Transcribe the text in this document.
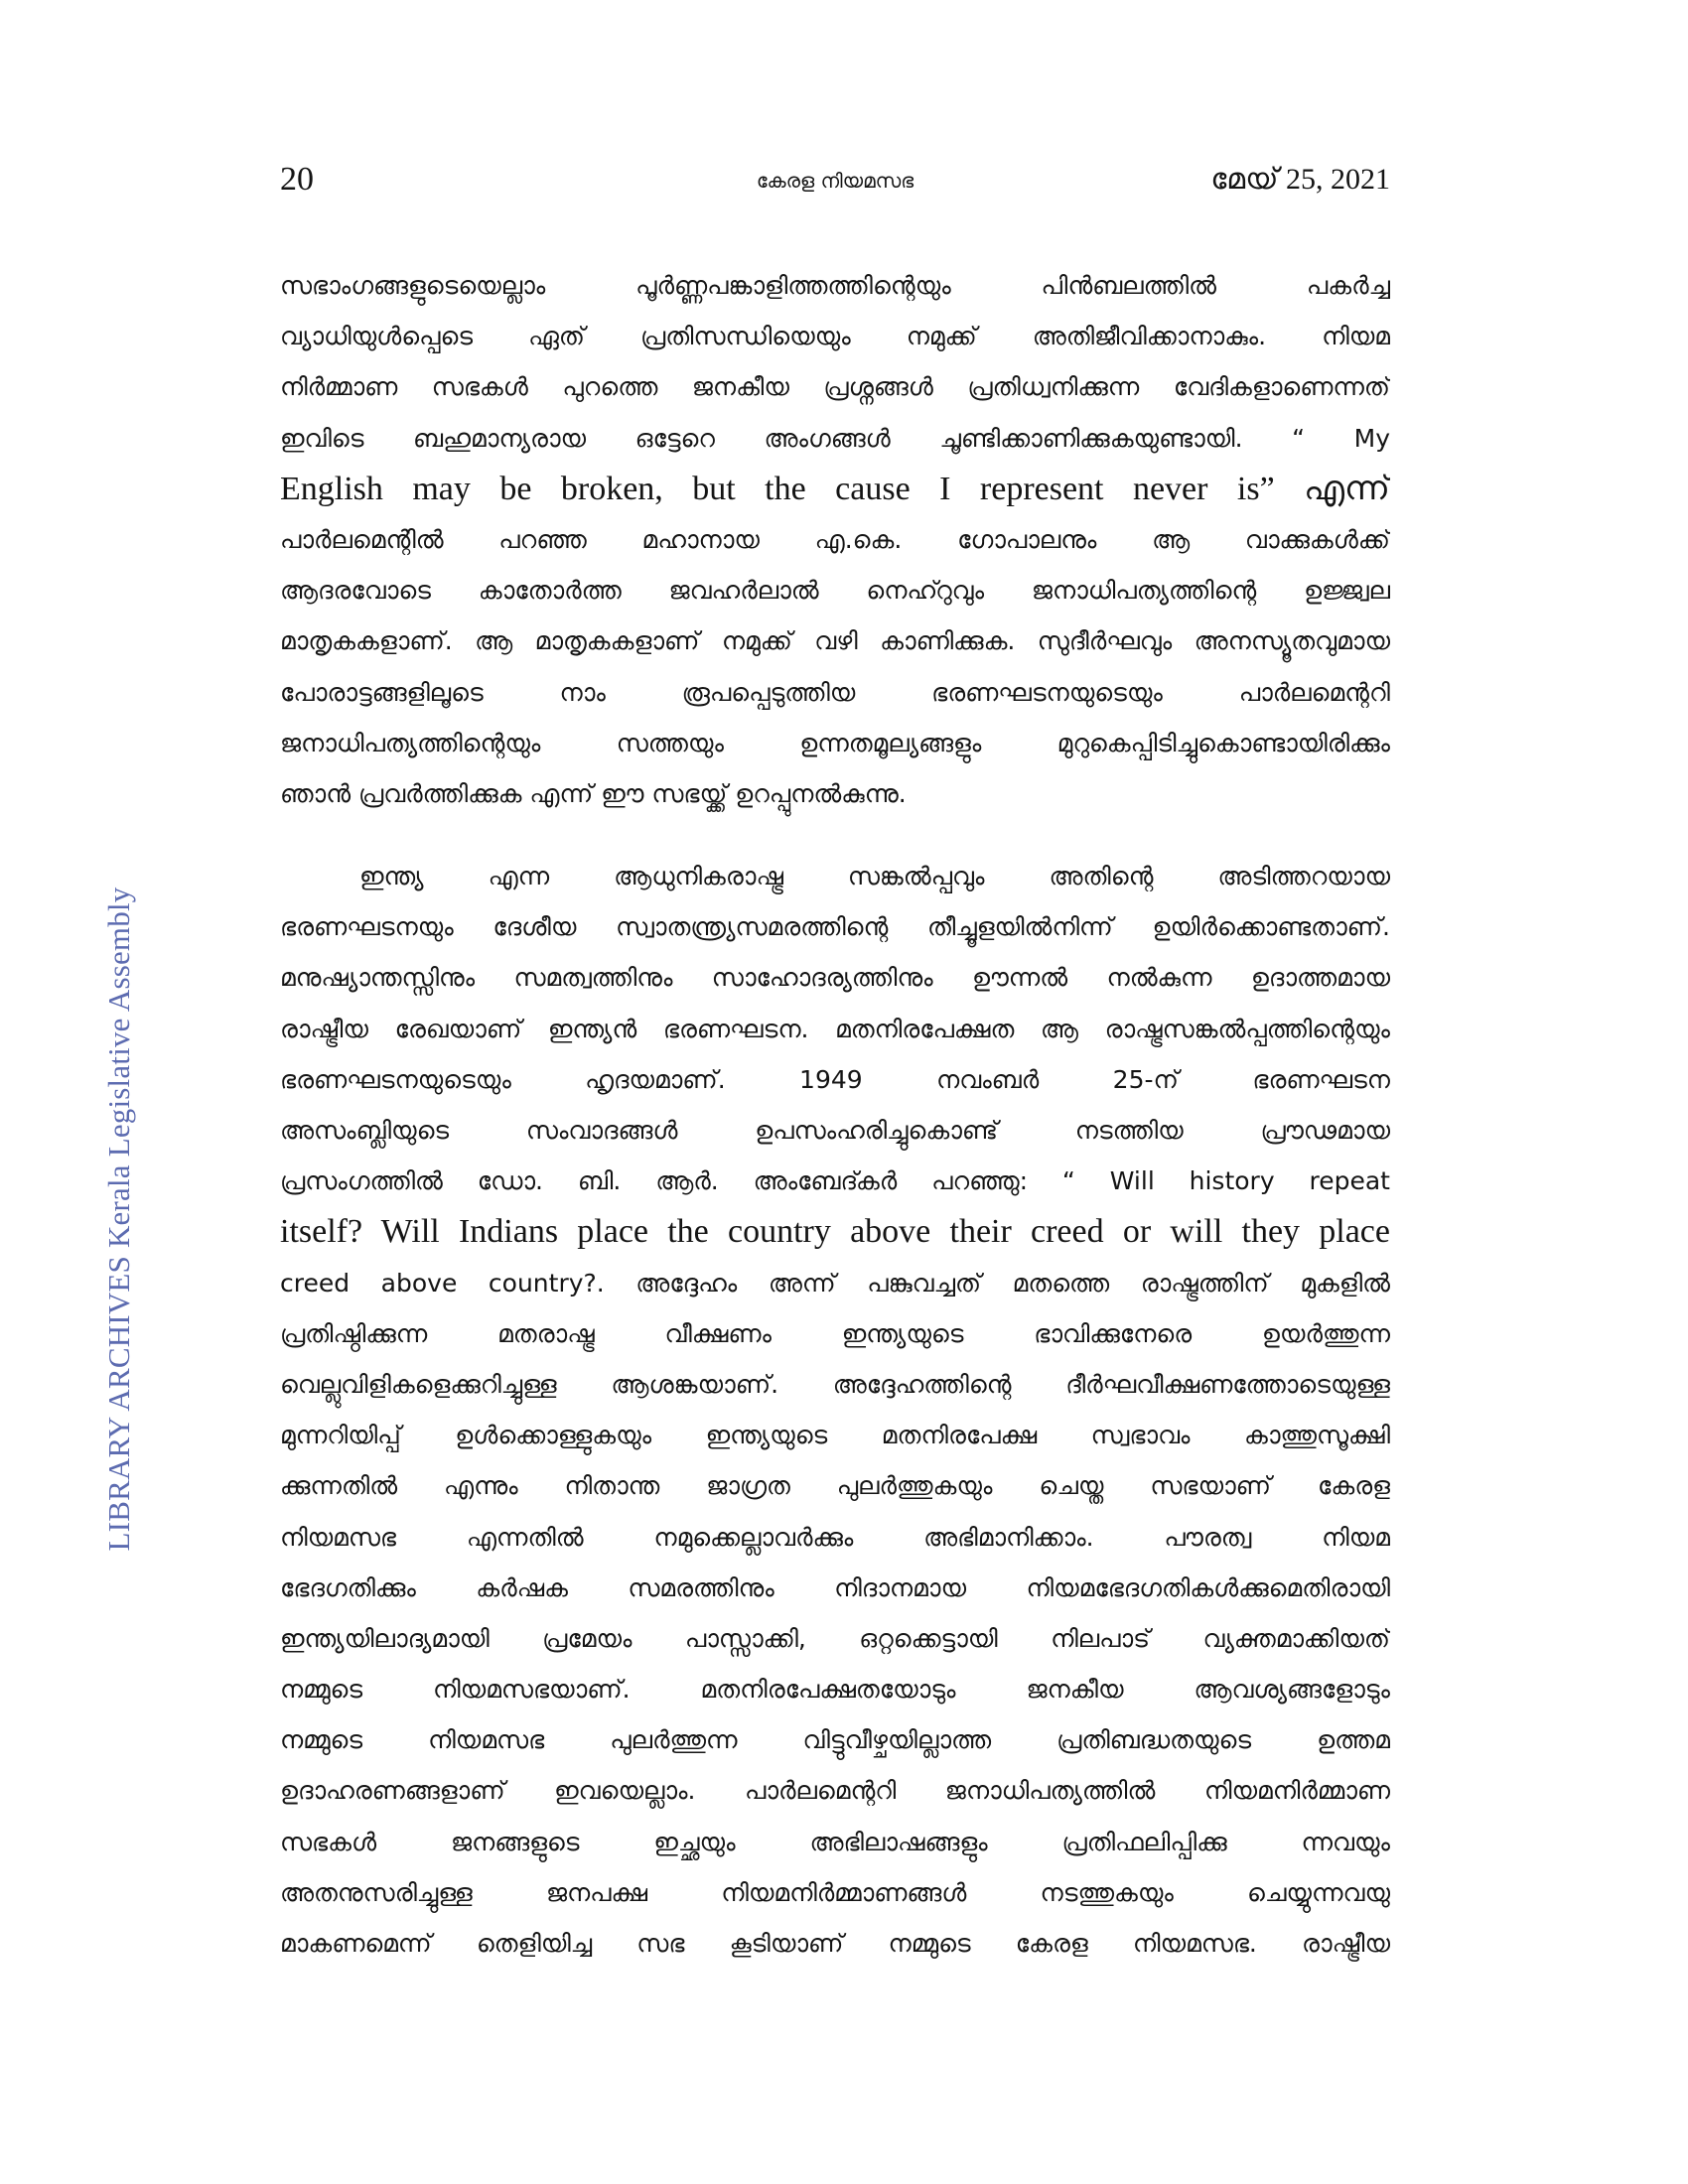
20	കേരള നിയമസഭ	മേയ് 25, 2021
LIBRARY ARCHIVES Kerala Legislative Assembly

സഭാംഗങ്ങളുടെയെല്ലാം പൂർണ്ണപങ്കാളിത്തത്തിന്റെയും പിൻബലത്തിൽ പകർച്ച
വ്യാധിയുൾപ്പെടെ ഏത് പ്രതിസന്ധിയെയും നമുക്ക് അതിജീവിക്കാനാകും. നിയമ
നിർമ്മാണ സഭകൾ പുറത്തെ ജനകീയ പ്രശ്നങ്ങൾ പ്രതിധ്വനിക്കുന്ന വേദികളാണെന്നത്
ഇവിടെ ബഹുമാന്യരായ ഒട്ടേറെ അംഗങ്ങൾ ചൂണ്ടിക്കാണിക്കുകയുണ്ടായി. “ My
English may be broken, but the cause I represent never is” എന്ന്
പാർലമെന്റിൽ പറഞ്ഞ മഹാനായ എ.കെ. ഗോപാലനും ആ വാക്കുകൾക്ക്
ആദരവോടെ കാതോർത്ത ജവഹർലാൽ നെഹ്റുവും ജനാധിപത്യത്തിന്റെ ഉജ്ജ്വല
മാതൃകകളാണ്. ആ മാതൃകകളാണ് നമുക്ക് വഴി കാണിക്കുക. സുദീർഘവും അനസ്യൂതവുമായ
പോരാട്ടങ്ങളിലൂടെ നാം രൂപപ്പെടുത്തിയ ഭരണഘടനയുടെയും പാർലമെന്ററി
ജനാധിപത്യത്തിന്റെയും സത്തയും ഉന്നതമൂല്യങ്ങളും മുറുകെപ്പിടിച്ചുകൊണ്ടായിരിക്കും
ഞാൻ പ്രവർത്തിക്കുക എന്ന് ഈ സഭയ്ക്ക് ഉറപ്പുനൽകുന്നു.

ഇന്ത്യ എന്ന ആധുനികരാഷ്ട്ര സങ്കൽപ്പവും അതിന്റെ അടിത്തറയായ
ഭരണഘടനയും ദേശീയ സ്വാതന്ത്ര്യസമരത്തിന്റെ തീച്ചൂളയിൽനിന്ന് ഉയിർക്കൊണ്ടതാണ്.
മനുഷ്യാന്തസ്സിനും സമത്വത്തിനും സാഹോദര്യത്തിനും ഊന്നൽ നൽകുന്ന ഉദാത്തമായ
രാഷ്ട്രീയ രേഖയാണ് ഇന്ത്യൻ ഭരണഘടന. മതനിരപേക്ഷത ആ രാഷ്ട്രസങ്കൽപ്പത്തിന്റെയും
ഭരണഘടനയുടെയും ഹൃദയമാണ്. 1949 നവംബർ 25-ന് ഭരണഘടന
അസംബ്ലിയുടെ സംവാദങ്ങൾ ഉപസംഹരിച്ചുകൊണ്ട് നടത്തിയ പ്രൗഢമായ
പ്രസംഗത്തിൽ ഡോ. ബി. ആർ. അംബേദ്കർ പറഞ്ഞു: “ Will history repeat
itself? Will Indians place the country above their creed or will they place
creed above country?. അദ്ദേഹം അന്ന് പങ്കുവച്ചത് മതത്തെ രാഷ്ട്രത്തിന് മുകളിൽ
പ്രതിഷ്ഠിക്കുന്ന മതരാഷ്ട്ര വീക്ഷണം ഇന്ത്യയുടെ ഭാവിക്കുനേരെ ഉയർത്തുന്ന
വെല്ലുവിളികളെക്കുറിച്ചുള്ള ആശങ്കയാണ്. അദ്ദേഹത്തിന്റെ ദീർഘവീക്ഷണത്തോടെയുള്ള
മുന്നറിയിപ്പ് ഉൾക്കൊള്ളുകയും ഇന്ത്യയുടെ മതനിരപേക്ഷ സ്വഭാവം കാത്തുസൂക്ഷി
ക്കുന്നതിൽ എന്നും നിതാന്ത ജാഗ്രത പുലർത്തുകയും ചെയ്ത സഭയാണ് കേരള
നിയമസഭ എന്നതിൽ നമുക്കെല്ലാവർക്കും അഭിമാനിക്കാം. പൗരത്വ നിയമ
ഭേദഗതിക്കും കർഷക സമരത്തിനും നിദാനമായ നിയമഭേദഗതികൾക്കുമെതിരായി
ഇന്ത്യയിലാദ്യമായി പ്രമേയം പാസ്സാക്കി, ഒറ്റക്കെട്ടായി നിലപാട് വ്യക്തമാക്കിയത്
നമ്മുടെ നിയമസഭയാണ്. മതനിരപേക്ഷതയോടും ജനകീയ ആവശ്യങ്ങളോടും
നമ്മുടെ നിയമസഭ പുലർത്തുന്ന വിട്ടുവീഴ്ചയില്ലാത്ത പ്രതിബദ്ധതയുടെ ഉത്തമ
ഉദാഹരണങ്ങളാണ് ഇവയെല്ലാം. പാർലമെന്ററി ജനാധിപത്യത്തിൽ നിയമനിർമ്മാണ
സഭകൾ ജനങ്ങളുടെ ഇച്ഛയും അഭിലാഷങ്ങളും പ്രതിഫലിപ്പിക്കു ന്നവയും
അതനുസരിച്ചുള്ള ജനപക്ഷ നിയമനിർമ്മാണങ്ങൾ നടത്തുകയും ചെയ്യുന്നവയു
മാകണമെന്ന് തെളിയിച്ച സഭ കൂടിയാണ് നമ്മുടെ കേരള നിയമസഭ. രാഷ്ട്രീയ
